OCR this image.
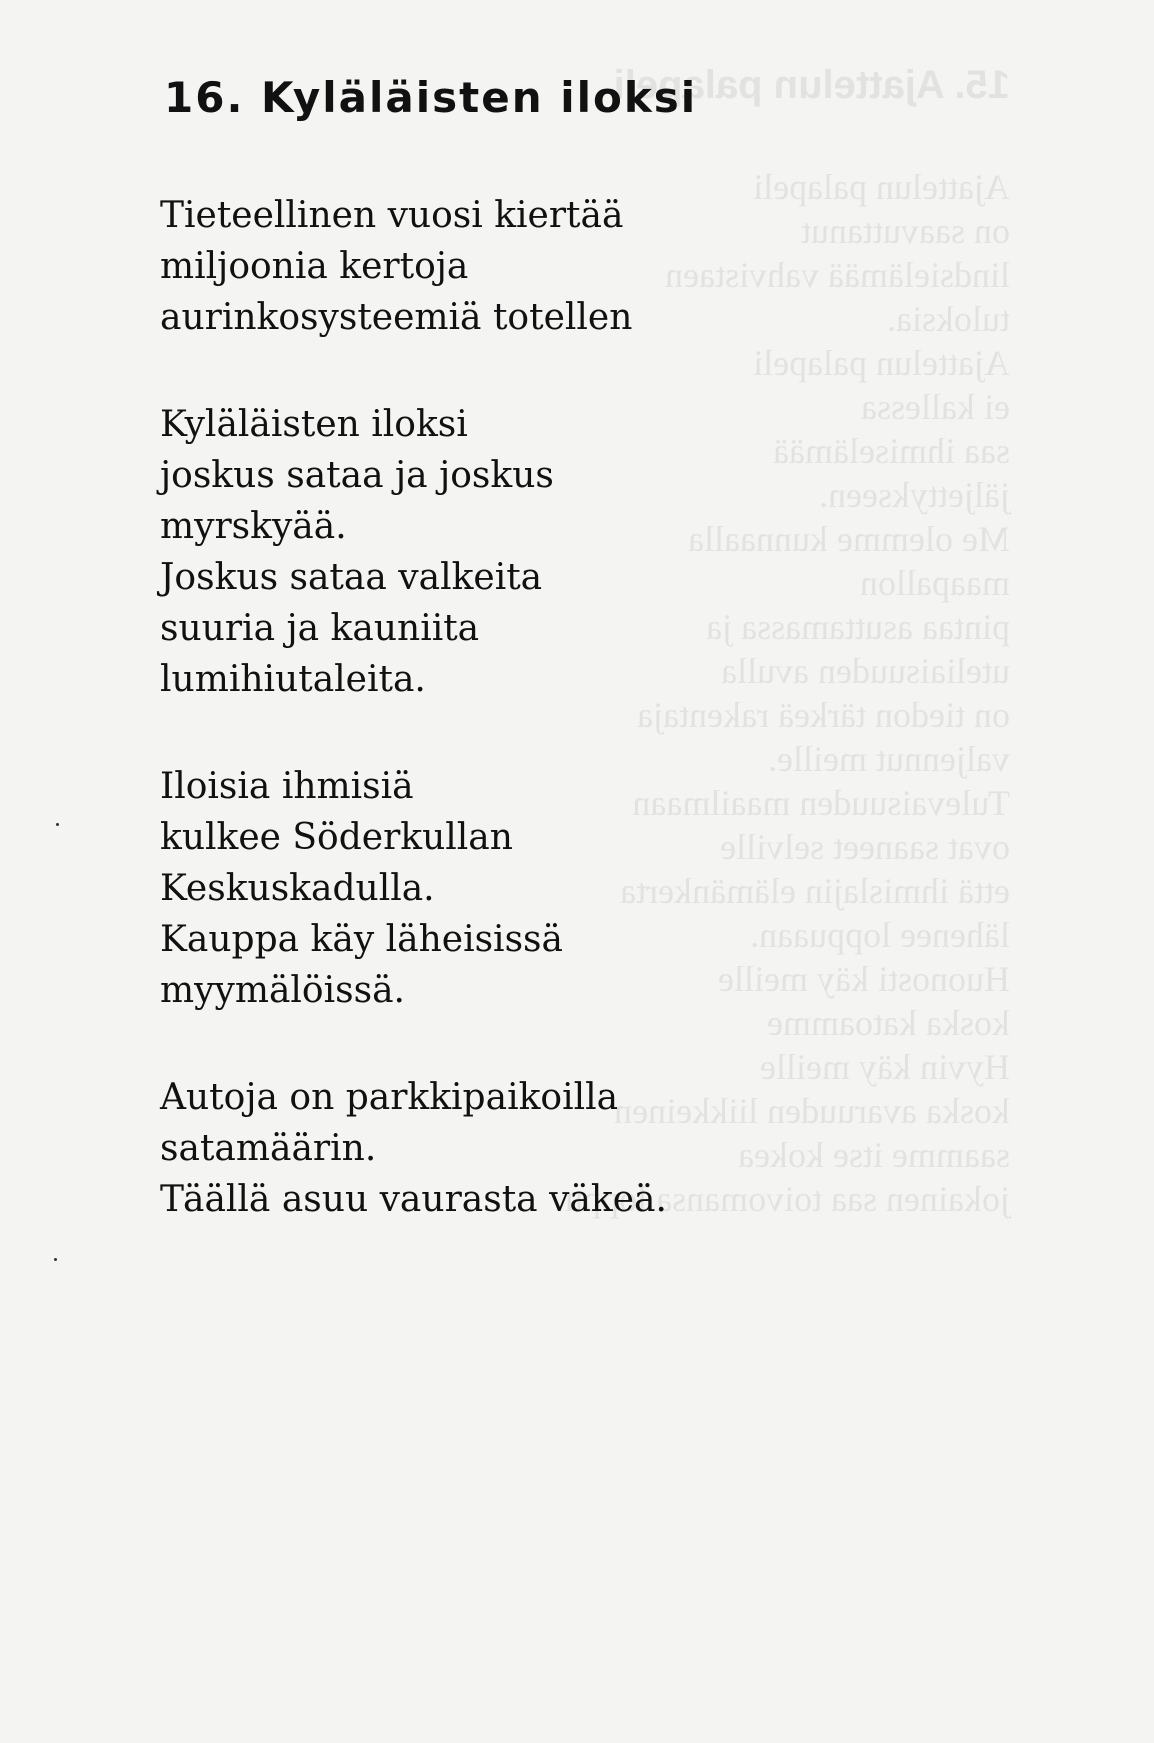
15. Ajattelun palapeli
Ajattelun palapeli
on saavuttanut
lindsielämää vahvistaen
tuloksia.
Ajattelun palapeli
ei kallessa
saa ihmiselämää
jäljettykseen.
Me olemme kunnaalla
maapallon
pintaa asuttamassa ja
uteliaisuuden avulla
on tiedon tärkeä rakentaja
valjennut meille.
Tulevaisuuden maailmaan
ovat saaneet selville
että ihmislajin elämänkerta
lähenee loppuaan.
Huonosti käy meille
koska katoamme
Hyvin käy meille
koska avaruuden liikkeinen
saamme itse kokea
jokainen saa toivomansa loppu
16. Kyläläisten iloksi
Tieteellinen vuosi kiertää
miljoonia kertoja
aurinkosysteemiä totellen
Kyläläisten iloksi
joskus sataa ja joskus
myrskyää.
Joskus sataa valkeita
suuria ja kauniita
lumihiutaleita.
Iloisia ihmisiä
kulkee Söderkullan
Keskuskadulla.
Kauppa käy läheisissä
myymälöissä.
Autoja on parkkipaikoilla
satamäärin.
Täällä asuu vaurasta väkeä.
